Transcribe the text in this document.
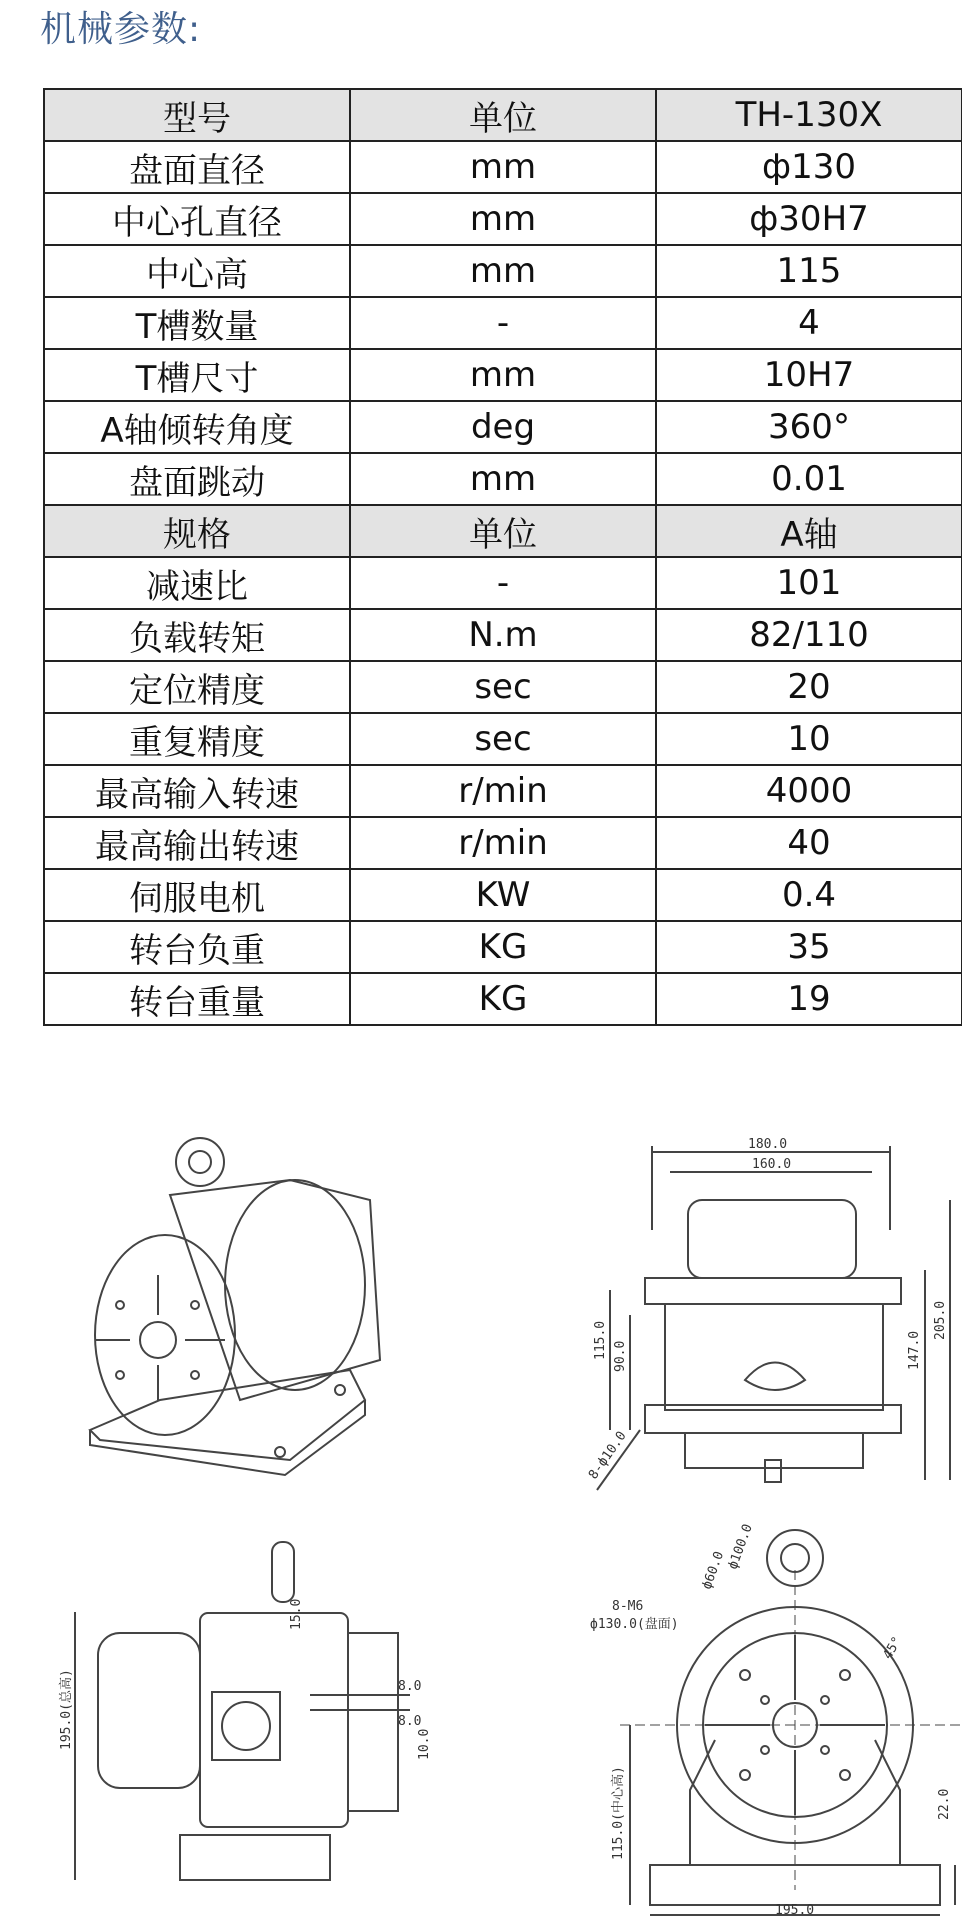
机械参数:
型号	单位	TH-130X
盘面直径	mm	ф130
中心孔直径	mm	ф30H7
中心高	mm	115
T槽数量	-	4
T槽尺寸	mm	10H7
A轴倾转角度	deg	360°
盘面跳动	mm	0.01
规格	单位	A轴
减速比	-	101
负载转矩	N.m	82/110
定位精度	sec	20
重复精度	sec	10
最高输入转速	r/min	4000
最高输出转速	r/min	40
伺服电机	KW	0.4
转台负重	KG	35
转台重量	KG	19
180.0
160.0
205.0
147.0
115.0 90.0
8-ф10.0
195.0(总高)
15.0
8.0
8.0
10.0
ф100.0
ф60.0
8-M6
ф130.0(盘面)
45°
115.0(中心高)	22.0
195.0
